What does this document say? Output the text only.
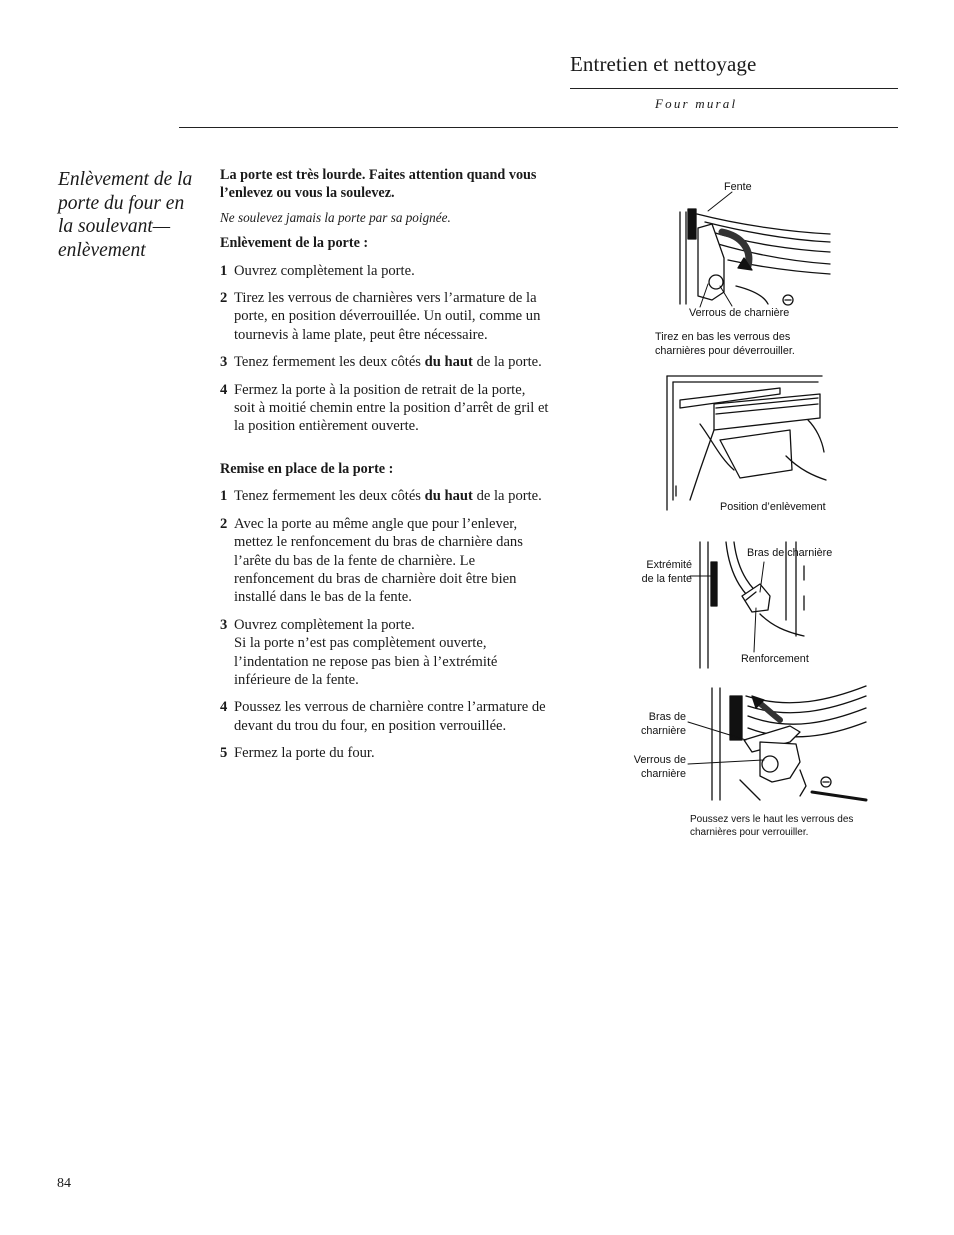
Entretien et nettoyage
Four mural
Enlèvement de la porte du four en la soulevant—enlèvement

La porte est très lourde. Faites attention quand vous l’enlevez ou vous la soulevez.

Ne soulevez jamais la porte par sa poignée.

Enlèvement de la porte :

1 Ouvrez complètement la porte.

2 Tirez les verrous de charnières vers l’armature de la porte, en position déverrouillée. Un outil, comme un tournevis à lame plate, peut être nécessaire.

3 Tenez fermement les deux côtés du haut de la porte.

4 Fermez la porte à la position de retrait de la porte, soit à moitié chemin entre la position d’arrêt de gril et la position entièrement ouverte.

Remise en place de la porte :

1 Tenez fermement les deux côtés du haut de la porte.

2 Avec la porte au même angle que pour l’enlever, mettez le renfoncement du bras de charnière dans l’arête du bas de la fente de charnière. Le renfoncement du bras de charnière doit être bien installé dans le bas de la fente.

3 Ouvrez complètement la porte.
Si la porte n’est pas complètement ouverte, l’indentation ne repose pas bien à l’extrémité inférieure de la fente.

4 Poussez les verrous de charnière contre l’armature de devant du trou du four, en position verrouillée.

5 Fermez la porte du four.

Fente
Verrous de charnière
Tirez en bas les verrous des
charnières pour déverrouiller.
Position d’enlèvement
Extrémité
de la fente
Bras de charnière
Renforcement
Bras de
charnière
Verrous de
charnière
Poussez vers le haut les verrous des
charnières pour verrouiller.
84
